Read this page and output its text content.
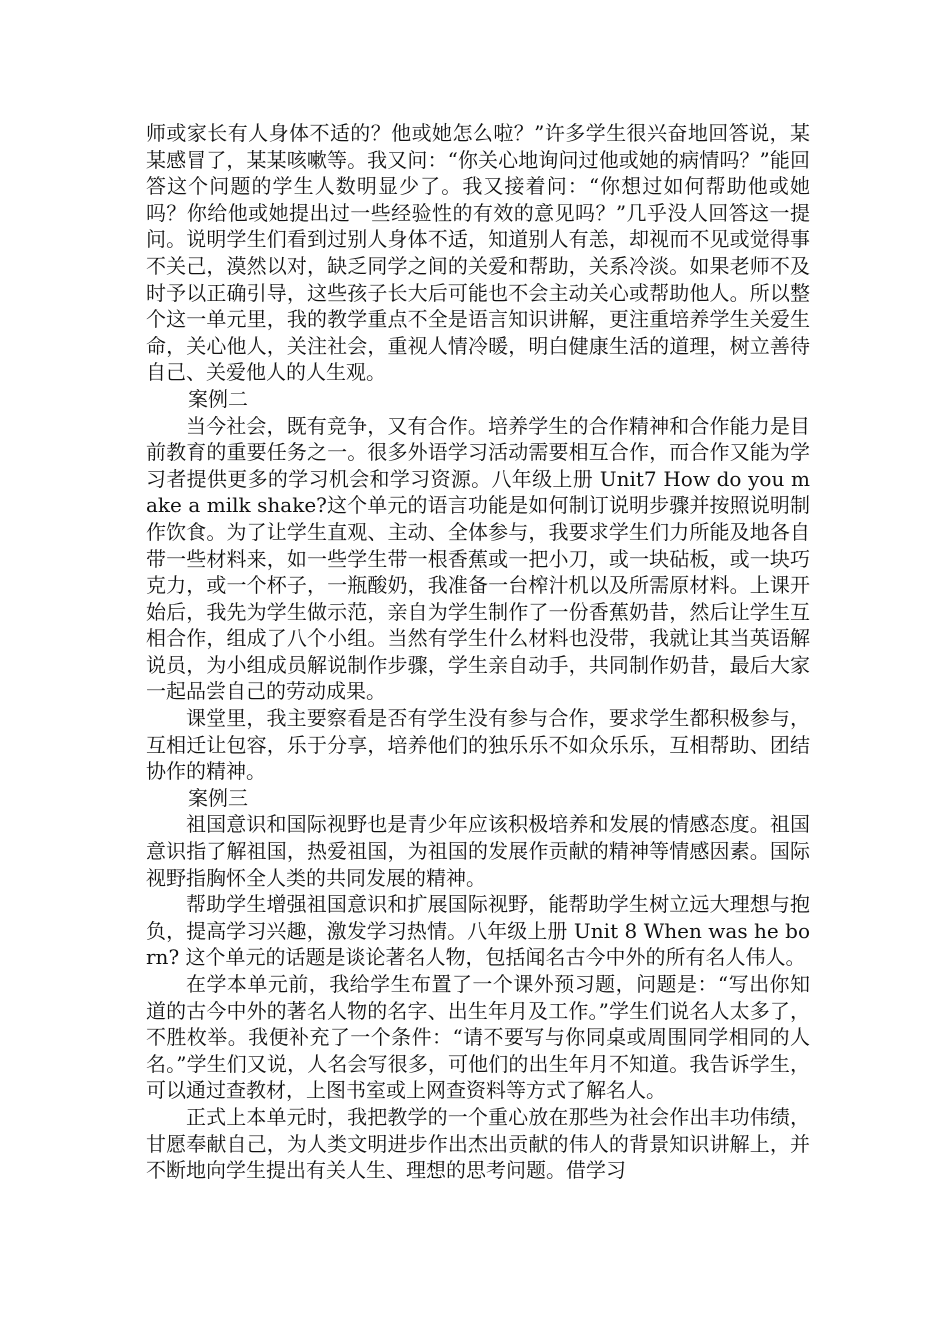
师或家长有人身体不适的？他或她怎么啦？”许多学生很兴奋地回答说，某某感冒了，某某咳嗽等。我又问：“你关心地询问过他或她的病情吗？”能回答这个问题的学生人数明显少了。我又接着问：“你想过如何帮助他或她吗？你给他或她提出过一些经验性的有效的意见吗？”几乎没人回答这一提问。说明学生们看到过别人身体不适，知道别人有恙，却视而不见或觉得事不关己，漠然以对，缺乏同学之间的关爱和帮助，关系冷淡。如果老师不及时予以正确引导，这些孩子长大后可能也不会主动关心或帮助他人。所以整个这一单元里，我的教学重点不全是语言知识讲解，更注重培养学生关爱生命，关心他人，关注社会，重视人情冷暖，明白健康生活的道理，树立善待自己、关爱他人的人生观。

案例二

当今社会，既有竞争，又有合作。培养学生的合作精神和合作能力是目前教育的重要任务之一。很多外语学习活动需要相互合作，而合作又能为学习者提供更多的学习机会和学习资源。八年级上册 Unit7 How do you make a milk shake?这个单元的语言功能是如何制订说明步骤并按照说明制作饮食。为了让学生直观、主动、全体参与，我要求学生们力所能及地各自带一些材料来，如一些学生带一根香蕉或一把小刀，或一块砧板，或一块巧克力，或一个杯子，一瓶酸奶，我准备一台榨汁机以及所需原材料。上课开始后，我先为学生做示范，亲自为学生制作了一份香蕉奶昔，然后让学生互相合作，组成了八个小组。当然有学生什么材料也没带，我就让其当英语解说员，为小组成员解说制作步骤，学生亲自动手，共同制作奶昔，最后大家一起品尝自己的劳动成果。

课堂里，我主要察看是否有学生没有参与合作，要求学生都积极参与，互相迁让包容，乐于分享，培养他们的独乐乐不如众乐乐，互相帮助、团结协作的精神。

案例三

祖国意识和国际视野也是青少年应该积极培养和发展的情感态度。祖国意识指了解祖国，热爱祖国，为祖国的发展作贡献的精神等情感因素。国际视野指胸怀全人类的共同发展的精神。

帮助学生增强祖国意识和扩展国际视野，能帮助学生树立远大理想与抱负，提高学习兴趣，激发学习热情。八年级上册 Unit 8 When was he born? 这个单元的话题是谈论著名人物，包括闻名古今中外的所有名人伟人。

在学本单元前，我给学生布置了一个课外预习题，问题是：“写出你知道的古今中外的著名人物的名字、出生年月及工作。”学生们说名人太多了，不胜枚举。我便补充了一个条件：“请不要写与你同桌或周围同学相同的人名。”学生们又说，人名会写很多，可他们的出生年月不知道。我告诉学生，可以通过查教材，上图书室或上网查资料等方式了解名人。

正式上本单元时，我把教学的一个重心放在那些为社会作出丰功伟绩，甘愿奉献自己，为人类文明进步作出杰出贡献的伟人的背景知识讲解上，并不断地向学生提出有关人生、理想的思考问题。借学习
